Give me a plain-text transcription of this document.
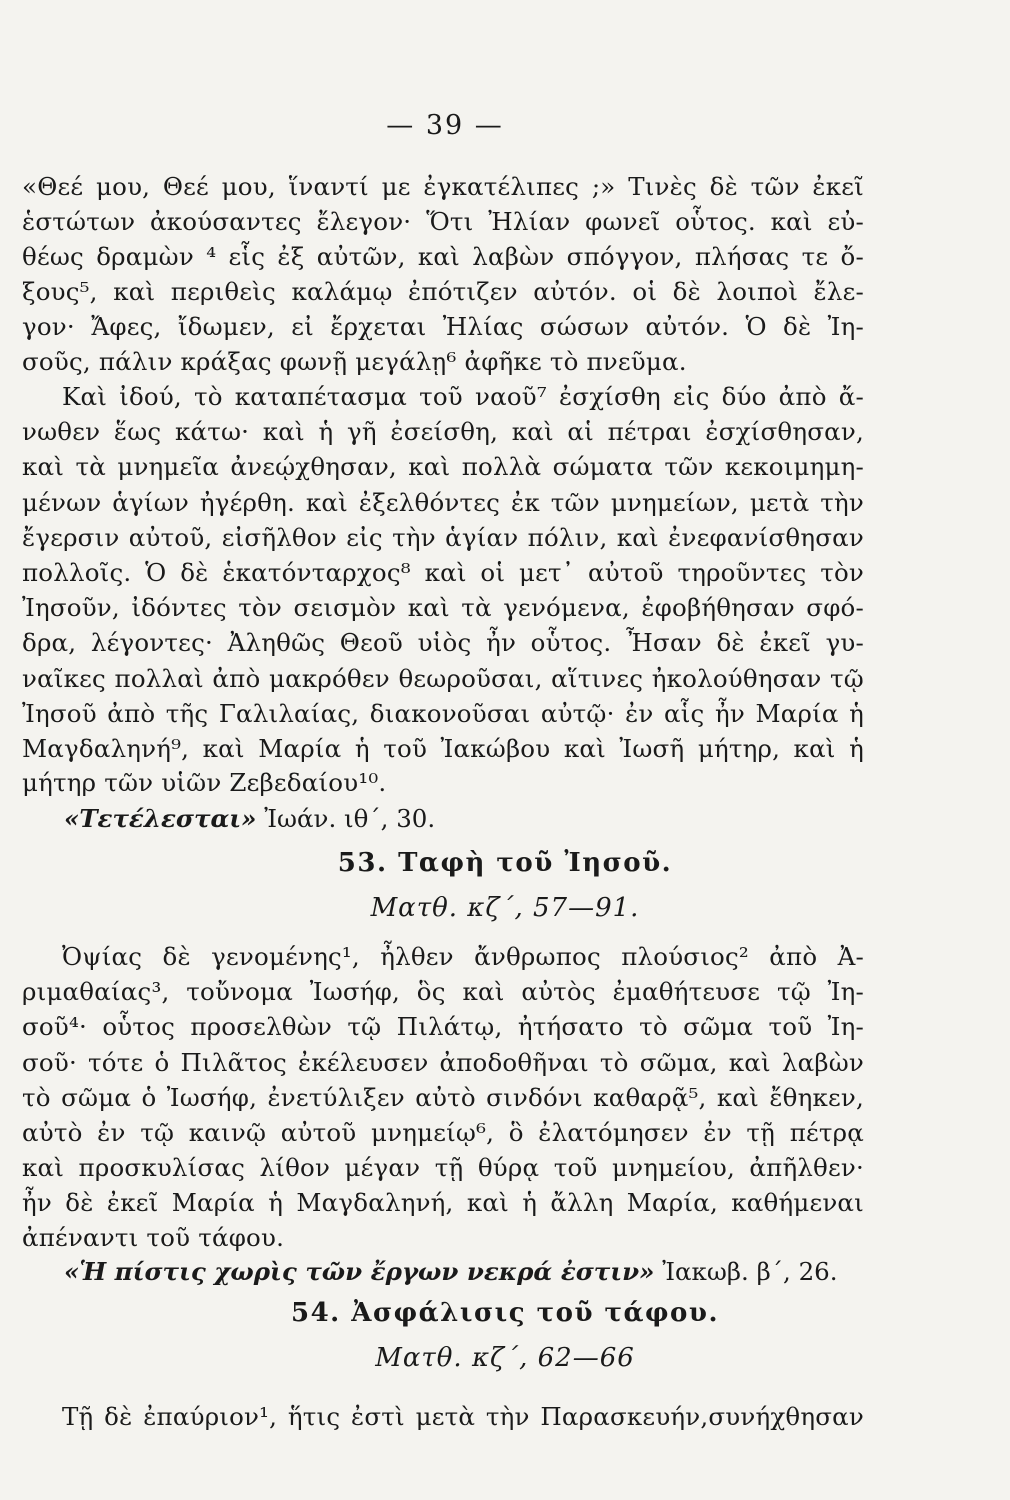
— 39 —
«Θεέ μου, Θεέ μου, ἵναντί με ἐγκατέλιπες ;» Τινὲς δὲ τῶν ἐκεῖ
ἑστώτων ἀκούσαντες ἔλεγον· Ὅτι Ἠλίαν φωνεῖ οὗτος. καὶ εὐ-
θέως δραμὼν ⁴ εἷς ἐξ αὐτῶν, καὶ λαβὼν σπόγγον, πλήσας τε ὄ-
ξους⁵, καὶ περιθεὶς καλάμῳ ἐπότιζεν αὐτόν. οἱ δὲ λοιποὶ ἔλε-
γον· Ἄφες, ἴδωμεν, εἰ ἔρχεται Ἠλίας σώσων αὐτόν. Ὁ δὲ Ἰη-
σοῦς, πάλιν κράξας φωνῇ μεγάλῃ⁶ ἀφῆκε τὸ πνεῦμα.
Καὶ ἰδού, τὸ καταπέτασμα τοῦ ναοῦ⁷ ἐσχίσθη εἰς δύο ἀπὸ ἄ-
νωθεν ἕως κάτω· καὶ ἡ γῆ ἐσείσθη, καὶ αἱ πέτραι ἐσχίσθησαν,
καὶ τὰ μνημεῖα ἀνεῴχθησαν, καὶ πολλὰ σώματα τῶν κεκοιμημη-
μένων ἁγίων ἠγέρθη. καὶ ἐξελθόντες ἐκ τῶν μνημείων, μετὰ τὴν
ἔγερσιν αὐτοῦ, εἰσῆλθον εἰς τὴν ἁγίαν πόλιν, καὶ ἐνεφανίσθησαν
πολλοῖς. Ὁ δὲ ἑκατόνταρχος⁸ καὶ οἱ μετ᾿ αὐτοῦ τηροῦντες τὸν
Ἰησοῦν, ἰδόντες τὸν σεισμὸν καὶ τὰ γενόμενα, ἐφοβήθησαν σφό-
δρα, λέγοντες· Ἀληθῶς Θεοῦ υἱὸς ἦν οὗτος. Ἦσαν δὲ ἐκεῖ γυ-
ναῖκες πολλαὶ ἀπὸ μακρόθεν θεωροῦσαι, αἵτινες ἠκολούθησαν τῷ
Ἰησοῦ ἀπὸ τῆς Γαλιλαίας, διακονοῦσαι αὐτῷ· ἐν αἷς ἦν Μαρία ἡ
Μαγδαληνή⁹, καὶ Μαρία ἡ τοῦ Ἰακώβου καὶ Ἰωσῆ μήτηρ, καὶ ἡ
μήτηρ τῶν υἱῶν Ζεβεδαίου¹⁰.
«Τετέλεσται» Ἰωάν. ιθ΄, 30.
53. Ταφὴ τοῦ Ἰησοῦ.
Ματθ. κζ΄, 57—91.
Ὀψίας δὲ γενομένης¹, ἦλθεν ἄνθρωπος πλούσιος² ἀπὸ Ἀ-
ριμαθαίας³, τοὔνομα Ἰωσήφ, ὃς καὶ αὐτὸς ἐμαθήτευσε τῷ Ἰη-
σοῦ⁴· οὗτος προσελθὼν τῷ Πιλάτῳ, ἠτήσατο τὸ σῶμα τοῦ Ἰη-
σοῦ· τότε ὁ Πιλᾶτος ἐκέλευσεν ἀποδοθῆναι τὸ σῶμα, καὶ λαβὼν
τὸ σῶμα ὁ Ἰωσήφ, ἐνετύλιξεν αὐτὸ σινδόνι καθαρᾷ⁵, καὶ ἔθηκεν,
αὐτὸ ἐν τῷ καινῷ αὐτοῦ μνημείῳ⁶, ὃ ἐλατόμησεν ἐν τῇ πέτρᾳ
καὶ προσκυλίσας λίθον μέγαν τῇ θύρᾳ τοῦ μνημείου, ἀπῆλθεν·
ἦν δὲ ἐκεῖ Μαρία ἡ Μαγδαληνή, καὶ ἡ ἄλλη Μαρία, καθήμεναι
ἀπέναντι τοῦ τάφου.
«Ἡ πίστις χωρὶς τῶν ἔργων νεκρά ἐστιν» Ἰακωβ. β΄, 26.
54. Ἀσφάλισις τοῦ τάφου.
Ματθ. κζ΄, 62—66
Τῇ δὲ ἐπαύριον¹, ἥτις ἐστὶ μετὰ τὴν Παρασκευήν,συνήχθησαν
